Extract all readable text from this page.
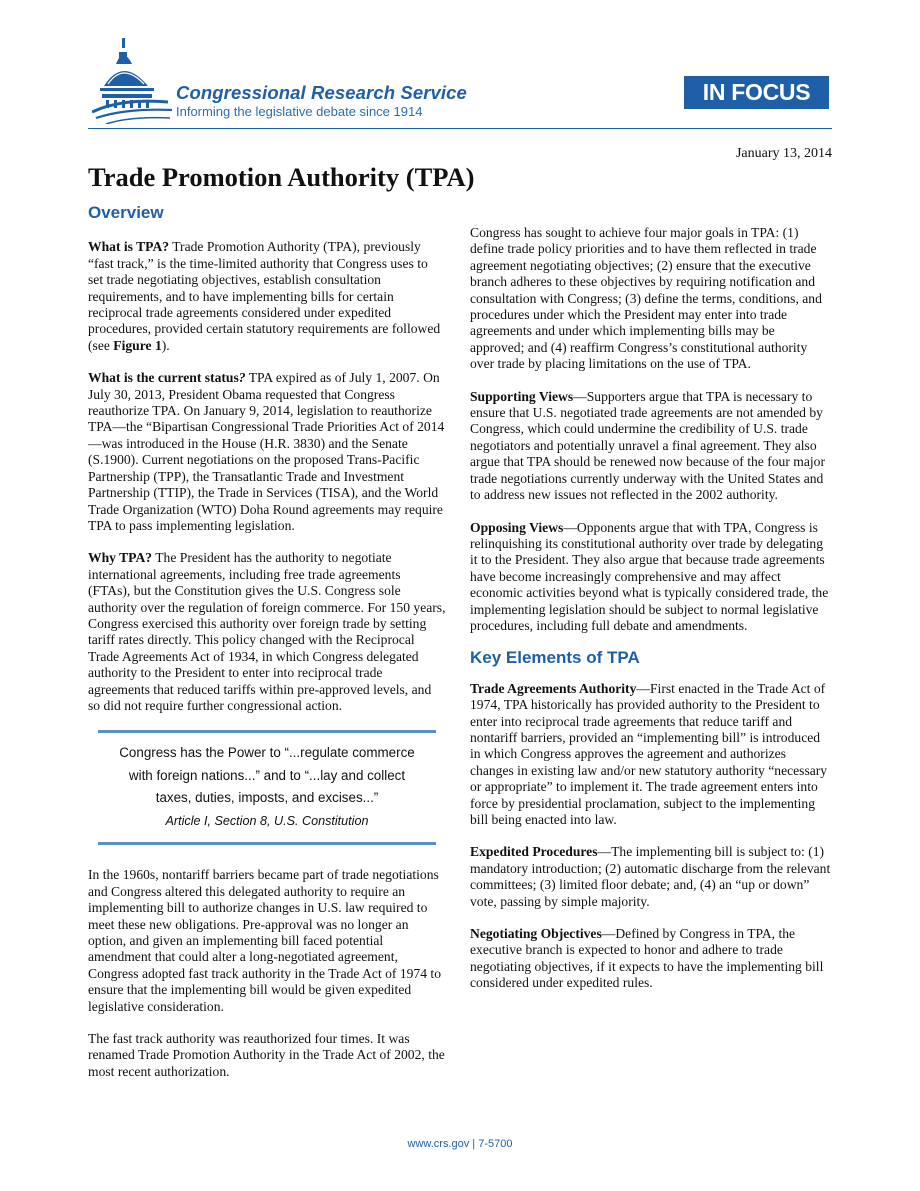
Congressional Research Service
Informing the legislative debate since 1914
IN FOCUS
January 13, 2014
Trade Promotion Authority (TPA)
Overview

What is TPA? Trade Promotion Authority (TPA), previously “fast track,” is the time-limited authority that Congress uses to set trade negotiating objectives, establish consultation requirements, and to have implementing bills for certain reciprocal trade agreements considered under expedited procedures, provided certain statutory requirements are followed (see Figure 1).

What is the current status? TPA expired as of July 1, 2007. On July 30, 2013, President Obama requested that Congress reauthorize TPA. On January 9, 2014, legislation to reauthorize TPA—the “Bipartisan Congressional Trade Priorities Act of 2014—was introduced in the House (H.R. 3830) and the Senate (S.1900). Current negotiations on the proposed Trans-Pacific Partnership (TPP), the Transatlantic Trade and Investment Partnership (TTIP), the Trade in Services (TISA), and the World Trade Organization (WTO) Doha Round agreements may require TPA to pass implementing legislation.

Why TPA? The President has the authority to negotiate international agreements, including free trade agreements (FTAs), but the Constitution gives the U.S. Congress sole authority over the regulation of foreign commerce. For 150 years, Congress exercised this authority over foreign trade by setting tariff rates directly. This policy changed with the Reciprocal Trade Agreements Act of 1934, in which Congress delegated authority to the President to enter into reciprocal trade agreements that reduced tariffs within pre-approved levels, and so did not require further congressional action.

Congress has the Power to “...regulate commerce
with foreign nations...” and to “...lay and collect
taxes, duties, imposts, and excises...”
Article I, Section 8, U.S. Constitution

In the 1960s, nontariff barriers became part of trade negotiations and Congress altered this delegated authority to require an implementing bill to authorize changes in U.S. law required to meet these new obligations. Pre-approval was no longer an option, and given an implementing bill faced potential amendment that could alter a long-negotiated agreement, Congress adopted fast track authority in the Trade Act of 1974 to ensure that the implementing bill would be given expedited legislative consideration.

The fast track authority was reauthorized four times. It was renamed Trade Promotion Authority in the Trade Act of 2002, the most recent authorization.

Congress has sought to achieve four major goals in TPA: (1) define trade policy priorities and to have them reflected in trade agreement negotiating objectives; (2) ensure that the executive branch adheres to these objectives by requiring notification and consultation with Congress; (3) define the terms, conditions, and procedures under which the President may enter into trade agreements and under which implementing bills may be approved; and (4) reaffirm Congress’s constitutional authority over trade by placing limitations on the use of TPA.

Supporting Views—Supporters argue that TPA is necessary to ensure that U.S. negotiated trade agreements are not amended by Congress, which could undermine the credibility of U.S. trade negotiators and potentially unravel a final agreement. They also argue that TPA should be renewed now because of the four major trade negotiations currently underway with the United States and to address new issues not reflected in the 2002 authority.

Opposing Views—Opponents argue that with TPA, Congress is relinquishing its constitutional authority over trade by delegating it to the President. They also argue that because trade agreements have become increasingly comprehensive and may affect economic activities beyond what is typically considered trade, the implementing legislation should be subject to normal legislative procedures, including full debate and amendments.

Key Elements of TPA

Trade Agreements Authority—First enacted in the Trade Act of 1974, TPA historically has provided authority to the President to enter into reciprocal trade agreements that reduce tariff and nontariff barriers, provided an “implementing bill” is introduced in which Congress approves the agreement and authorizes changes in existing law and/or new statutory authority “necessary or appropriate” to implement it. The trade agreement enters into force by presidential proclamation, subject to the implementing bill being enacted into law.

Expedited Procedures—The implementing bill is subject to: (1) mandatory introduction; (2) automatic discharge from the relevant committees; (3) limited floor debate; and, (4) an “up or down” vote, passing by simple majority.

Negotiating Objectives—Defined by Congress in TPA, the executive branch is expected to honor and adhere to trade negotiating objectives, if it expects to have the implementing bill considered under expedited rules.

www.crs.gov | 7-5700
